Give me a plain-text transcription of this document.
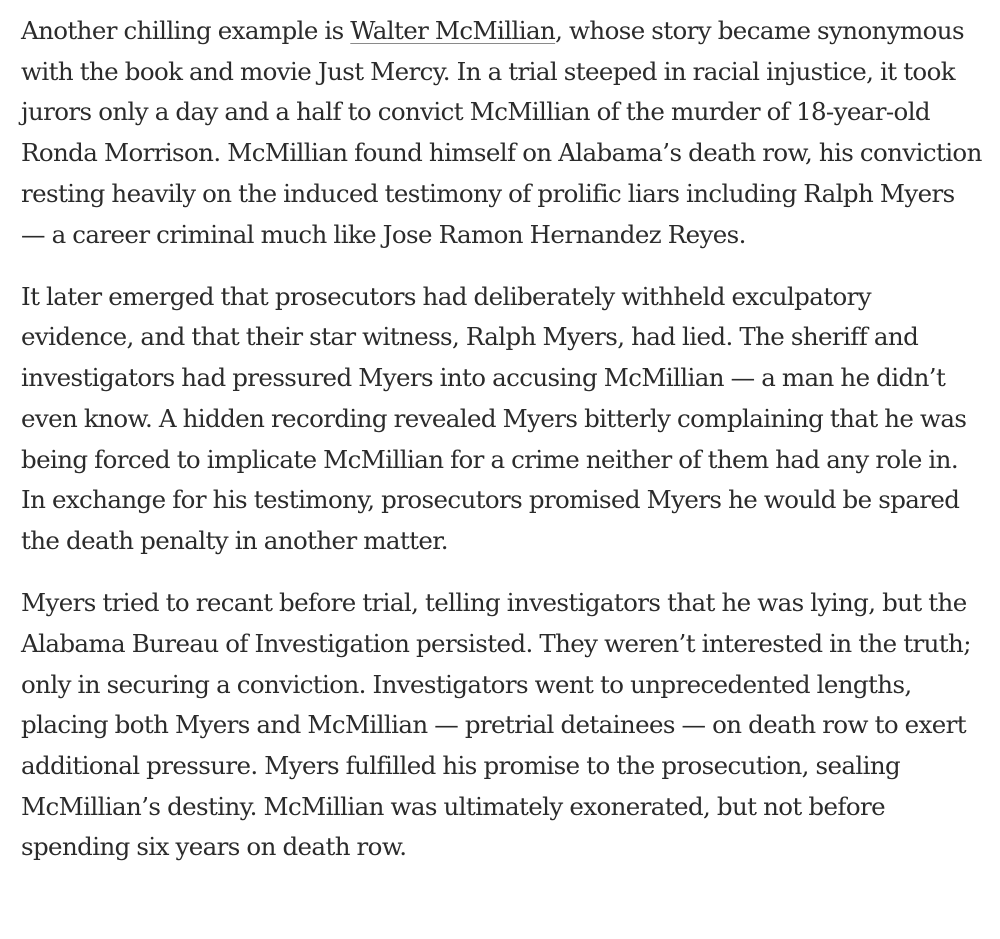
Another chilling example is Walter McMillian, whose story became synonymous with the book and movie Just Mercy. In a trial steeped in racial injustice, it took jurors only a day and a half to convict McMillian of the murder of 18-year-old Ronda Morrison. McMillian found himself on Alabama’s death row, his conviction resting heavily on the induced testimony of prolific liars including Ralph Myers — a career criminal much like Jose Ramon Hernandez Reyes.

It later emerged that prosecutors had deliberately withheld exculpatory evidence, and that their star witness, Ralph Myers, had lied. The sheriff and investigators had pressured Myers into accusing McMillian — a man he didn’t even know. A hidden recording revealed Myers bitterly complaining that he was being forced to implicate McMillian for a crime neither of them had any role in. In exchange for his testimony, prosecutors promised Myers he would be spared the death penalty in another matter.

Myers tried to recant before trial, telling investigators that he was lying, but the Alabama Bureau of Investigation persisted. They weren’t interested in the truth; only in securing a conviction. Investigators went to unprecedented lengths, placing both Myers and McMillian — pretrial detainees — on death row to exert additional pressure. Myers fulfilled his promise to the prosecution, sealing McMillian’s destiny. McMillian was ultimately exonerated, but not before spending six years on death row.
